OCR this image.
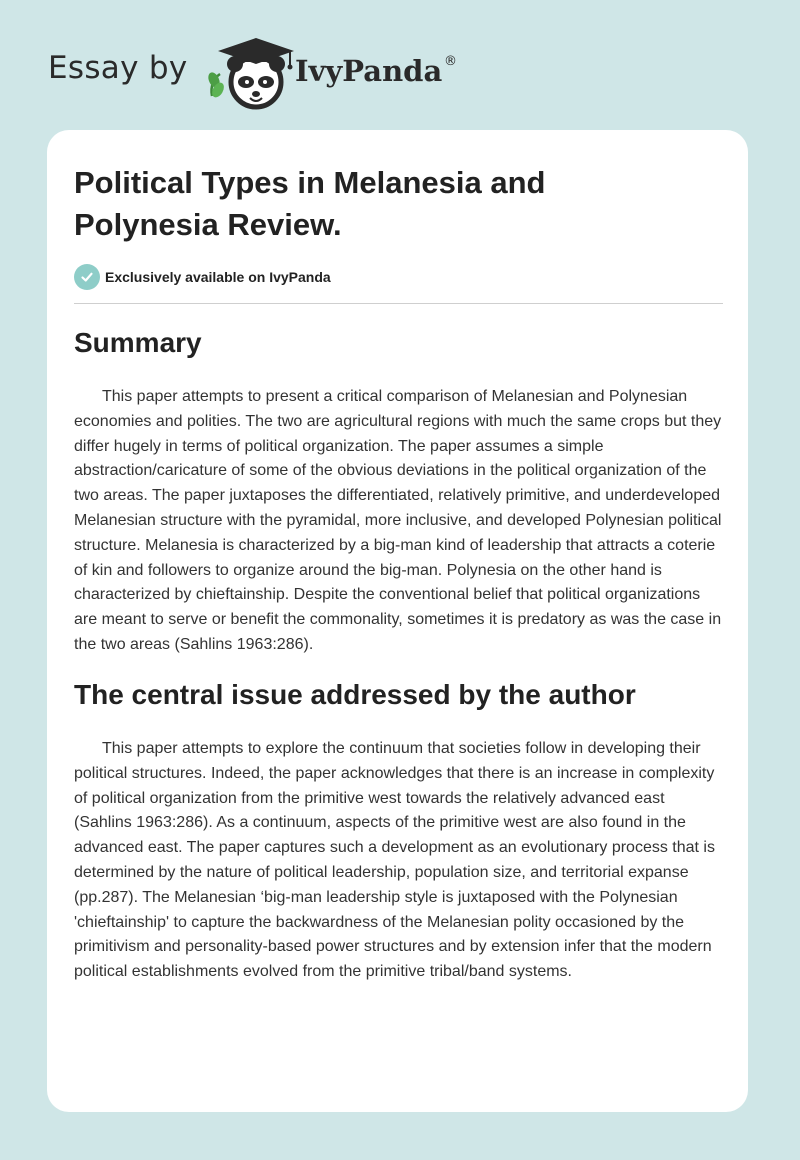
Essay by	IvyPanda ®
Political Types in Melanesia and Polynesia Review.
Exclusively available on IvyPanda
Summary

This paper attempts to present a critical comparison of Melanesian and Polynesian economies and polities. The two are agricultural regions with much the same crops but they differ hugely in terms of political organization. The paper assumes a simple abstraction/caricature of some of the obvious deviations in the political organization of the two areas. The paper juxtaposes the differentiated, relatively primitive, and underdeveloped Melanesian structure with the pyramidal, more inclusive, and developed Polynesian political structure. Melanesia is characterized by a big-man kind of leadership that attracts a coterie of kin and followers to organize around the big-man. Polynesia on the other hand is characterized by chieftainship. Despite the conventional belief that political organizations are meant to serve or benefit the commonality, sometimes it is predatory as was the case in the two areas (Sahlins 1963:286).

The central issue addressed by the author

This paper attempts to explore the continuum that societies follow in developing their political structures. Indeed, the paper acknowledges that there is an increase in complexity of political organization from the primitive west towards the relatively advanced east (Sahlins 1963:286). As a continuum, aspects of the primitive west are also found in the advanced east. The paper captures such a development as an evolutionary process that is determined by the nature of political leadership, population size, and territorial expanse (pp.287). The Melanesian ‘big-man leadership style is juxtaposed with the Polynesian 'chieftainship' to capture the backwardness of the Melanesian polity occasioned by the primitivism and personality-based power structures and by extension infer that the modern political establishments evolved from the primitive tribal/band systems.
